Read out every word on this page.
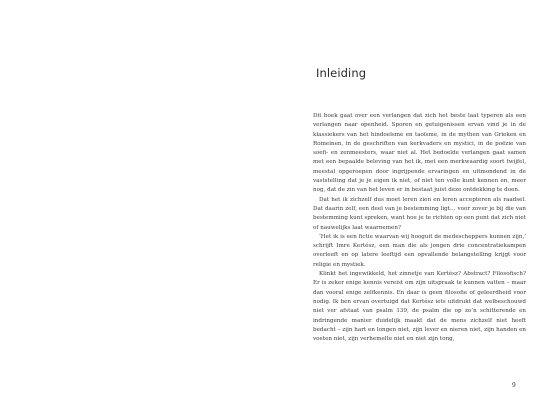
Inleiding

Dit boek gaat over een verlangen dat zich het beste laat typeren als een verlangen naar openheid. Sporen en getuigenissen ervan vind je in de klassiekers van het hindoeïsme en taoïsme, in de mythen van Grieken en Romeinen, in de geschriften van kerkvaders en mystici, in de poëzie van soefi- en zenmeesters, waar niet al. Het bedoelde verlangen gaat samen met een bepaalde beleving van het ik, met een merkwaardig soort twijfel, meestal opgeroepen door ingrijpende ervaringen en uitmondend in de vaststelling dat je je eigen ik niet, of niet ten volle kunt kennen en, meer nog, dat de zin van het leven er in bestaat juist deze ontdekking te doen.

Dat het ik zichzelf dus moet leren zien en leren accepteren als raadsel. Dat daarin zelf, een deel van je bestemming ligt… voor zover je bij die van bestemming kunt spreken, want hoe je te richten op een punt dat zich niet of nauwelijks laat waarnemen?

‘Het ik is een fictie waarvan wij hooguit de medescheppers kunnen zijn,’ schrijft Imre Kertész, een man die als jongen drie concentratiekampen overleeft en op latere leeftijd een opvallende belangstelling krijgt voor religie en mystiek.

Klinkt het ingewikkeld, het zinnetje van Kertész? Abstract? Filosofisch? Er is zeker enige kennis vereist om zijn uitspraak te kunnen vatten – maar dan vooral enige zelfkennis. En daar is geen filosofie of geleerdheid voor nodig. Ik ben ervan overtuigd dat Kertész iets uitdrukt dat welbeschouwd niet ver afstaat van psalm 139, de psalm die op zo’n schitterende en indringende manier duidelijk maakt dat de mens zichzelf niet heeft bedacht – zijn hart en longen niet, zijn lever en nieren niet, zijn handen en voeten niet, zijn verhemelte niet en niet zijn tong,

9
